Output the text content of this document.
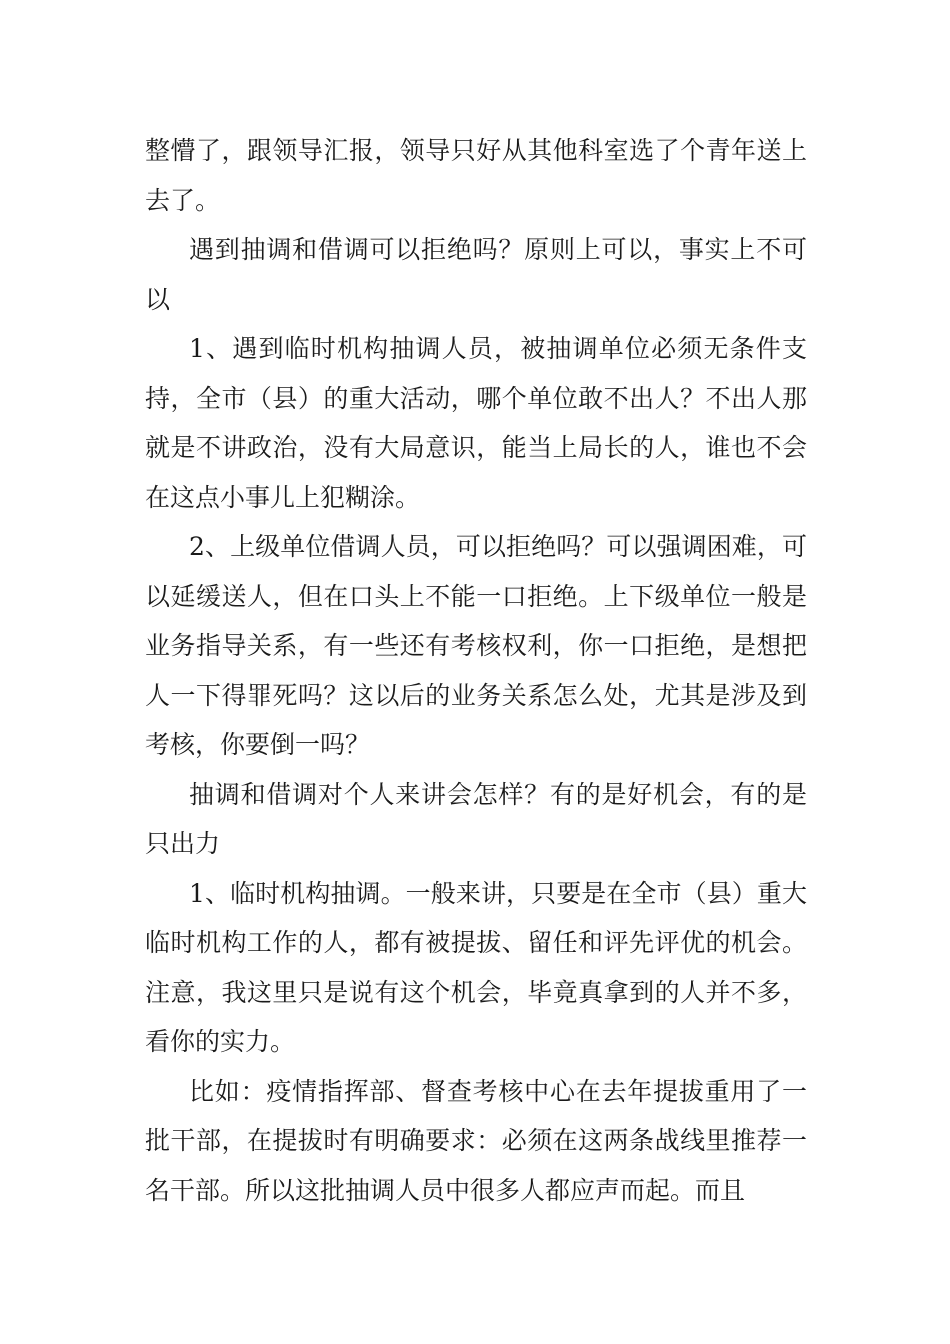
整懵了，跟领导汇报，领导只好从其他科室选了个青年送上去了。

遇到抽调和借调可以拒绝吗？原则上可以，事实上不可以

1、遇到临时机构抽调人员，被抽调单位必须无条件支持，全市（县）的重大活动，哪个单位敢不出人？不出人那就是不讲政治，没有大局意识，能当上局长的人，谁也不会在这点小事儿上犯糊涂。

2、上级单位借调人员，可以拒绝吗？可以强调困难，可以延缓送人，但在口头上不能一口拒绝。上下级单位一般是业务指导关系，有一些还有考核权利，你一口拒绝，是想把人一下得罪死吗？这以后的业务关系怎么处，尤其是涉及到考核，你要倒一吗？

抽调和借调对个人来讲会怎样？有的是好机会，有的是只出力

1、临时机构抽调。一般来讲，只要是在全市（县）重大临时机构工作的人，都有被提拔、留任和评先评优的机会。注意，我这里只是说有这个机会，毕竟真拿到的人并不多，看你的实力。

比如：疫情指挥部、督查考核中心在去年提拔重用了一批干部，在提拔时有明确要求：必须在这两条战线里推荐一名干部。所以这批抽调人员中很多人都应声而起。而且
